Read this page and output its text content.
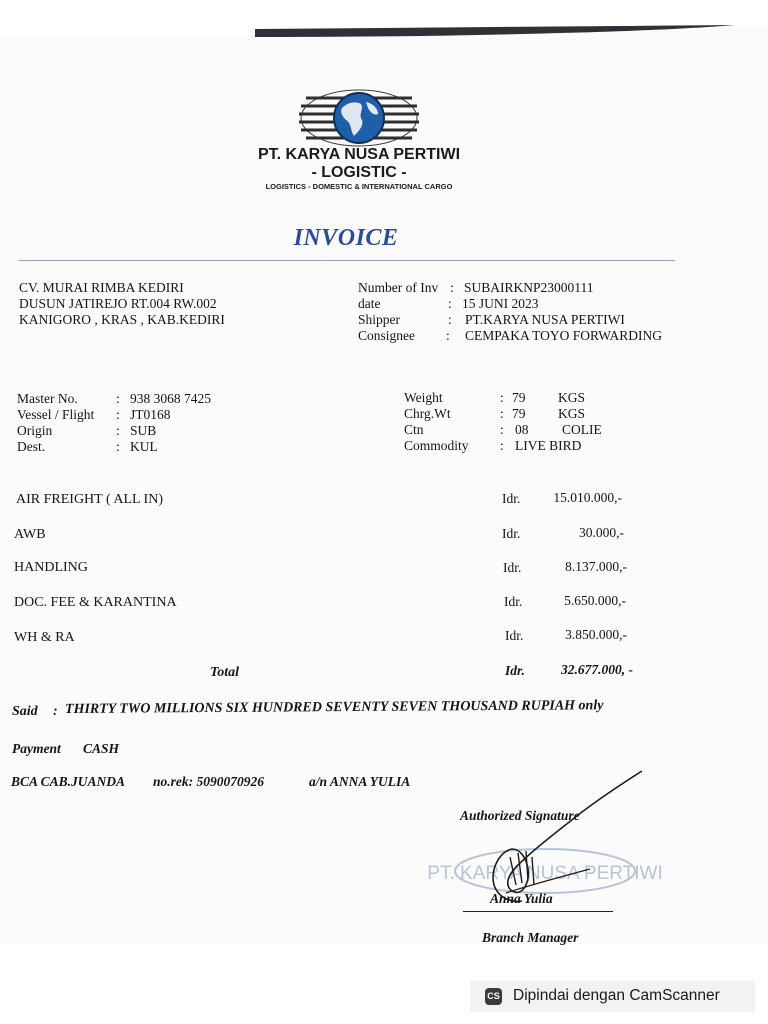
PT. KARYA NUSA PERTIWI
- LOGISTIC -
LOGISTICS - DOMESTIC & INTERNATIONAL CARGO
INVOICE
CV. MURAI RIMBA KEDIRI
DUSUN JATIREJO RT.004 RW.002
KANIGORO , KRAS , KAB.KEDIRI
Number of Inv : SUBAIRKNP23000111
date	: 15 JUNI 2023
Shipper	: PT.KARYA NUSA PERTIWI
Consignee : CEMPAKA TOYO FORWARDING
Master No.	: 938 3068 7425
Vessel / Flight : JT0168
Origin	: SUB
Dest.	: KUL
Weight	: 79 KGS
Chrg.Wt	: 79 KGS
Ctn	: 08 COLIE
Commodity : LIVE BIRD
AIR FREIGHT ( ALL IN)	Idr.	15.010.000,-
AWB	Idr.	30.000,-
HANDLING	Idr.	8.137.000,-
DOC. FEE & KARANTINA	Idr.	5.650.000,-
WH & RA	Idr.	3.850.000,-
Total	Idr.	32.677.000, -
Said : THIRTY TWO MILLIONS SIX HUNDRED SEVENTY SEVEN THOUSAND RUPIAH only
Payment CASH
BCA CAB.JUANDA no.rek: 5090070926	a/n ANNA YULIA
Authorized Signature
PT. KARYA NUSA PERTIWI
Anna Yulia
Branch Manager
CS Dipindai dengan CamScanner
